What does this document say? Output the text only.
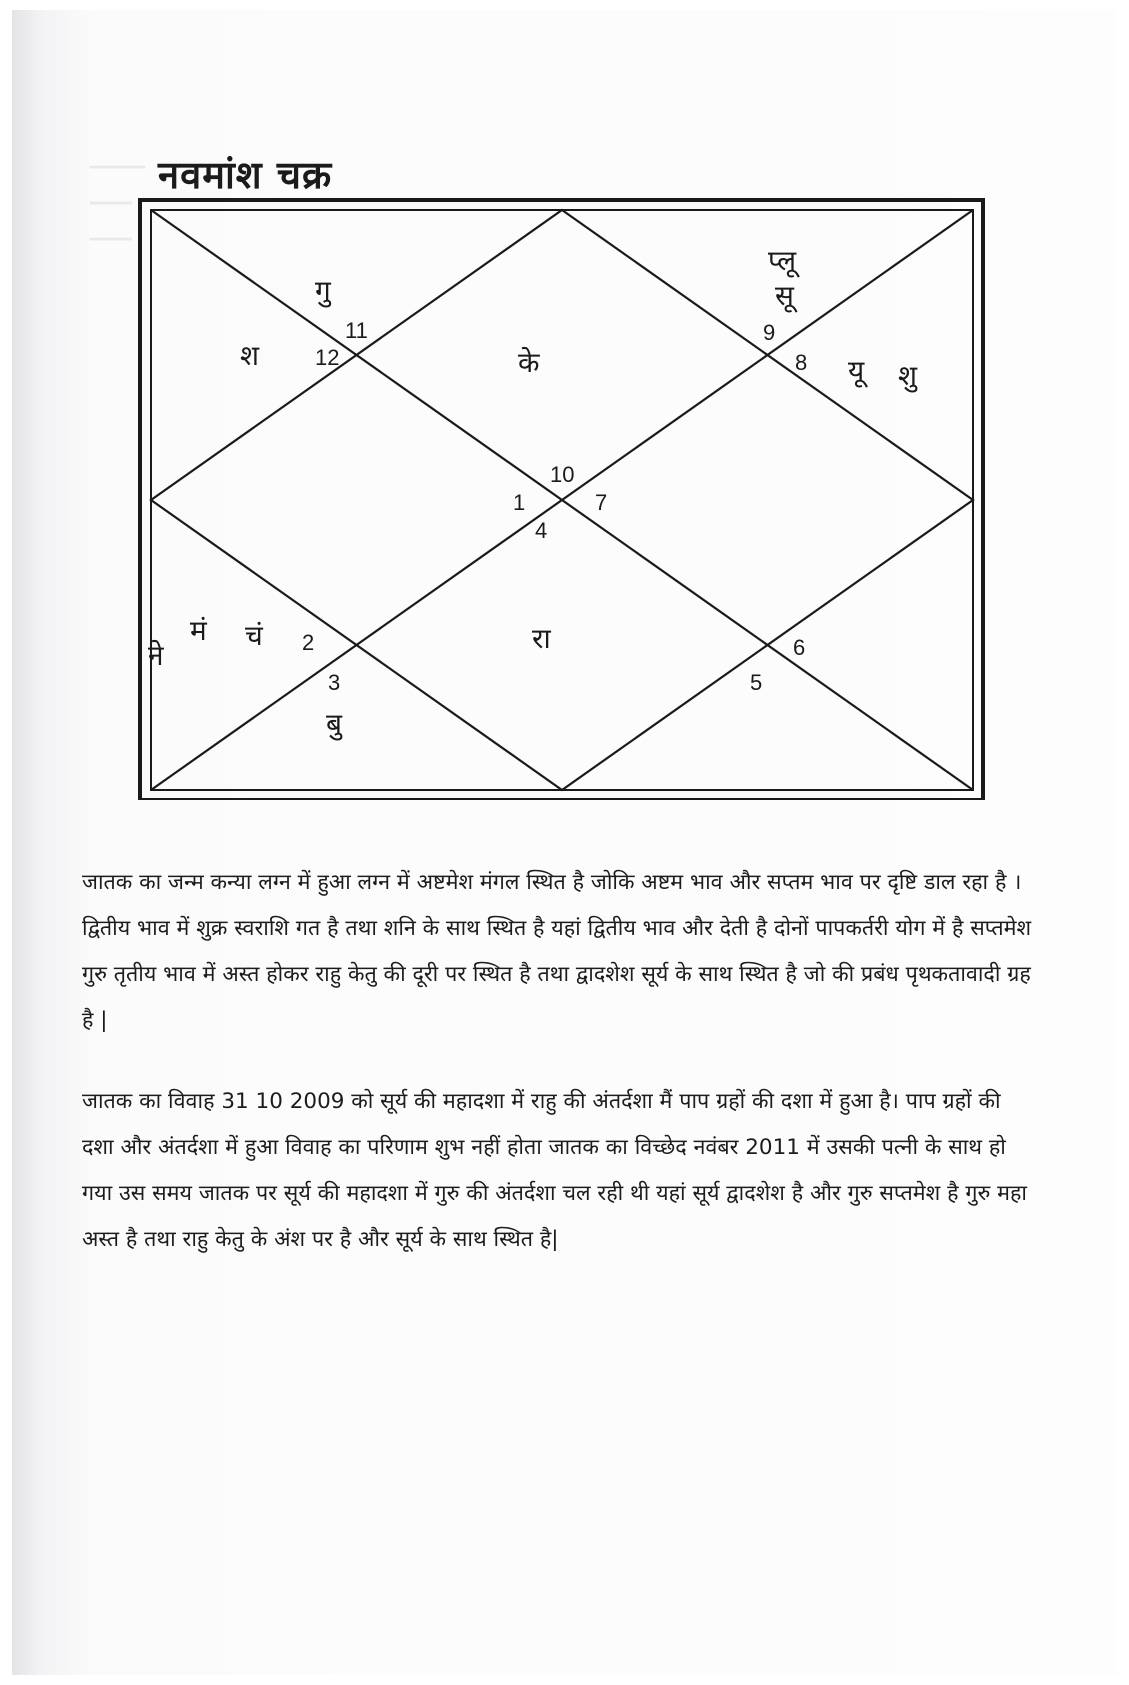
▁▁▁▁
▁▁▁
▁▁▁
नवमांश चक्र
10
11
12
1
2
3
4
5
6
7
8
9
गु
श	के
प्लू
सू
यू शु
ने
मं चं	रा
बु

जातक का जन्म कन्या लग्न में हुआ लग्न में अष्टमेश मंगल स्थित है जोकि अष्टम भाव और सप्तम भाव पर दृष्टि डाल रहा है । द्वितीय भाव में शुक्र स्वराशि गत है तथा शनि के साथ स्थित है यहां द्वितीय भाव और देती है दोनों पापकर्तरी योग में है सप्तमेश गुरु तृतीय भाव में अस्त होकर राहु केतु की दूरी पर स्थित है तथा द्वादशेश सूर्य के साथ स्थित है जो की प्रबंध पृथकतावादी ग्रह है |

जातक का विवाह 31 10 2009 को सूर्य की महादशा में राहु की अंतर्दशा मैं पाप ग्रहों की दशा में हुआ है। पाप ग्रहों की दशा और अंतर्दशा में हुआ विवाह का परिणाम शुभ नहीं होता जातक का विच्छेद नवंबर 2011 में उसकी पत्नी के साथ हो गया उस समय जातक पर सूर्य की महादशा में गुरु की अंतर्दशा चल रही थी यहां सूर्य द्वादशेश है और गुरु सप्तमेश है गुरु महा अस्त है तथा राहु केतु के अंश पर है और सूर्य के साथ स्थित है|
